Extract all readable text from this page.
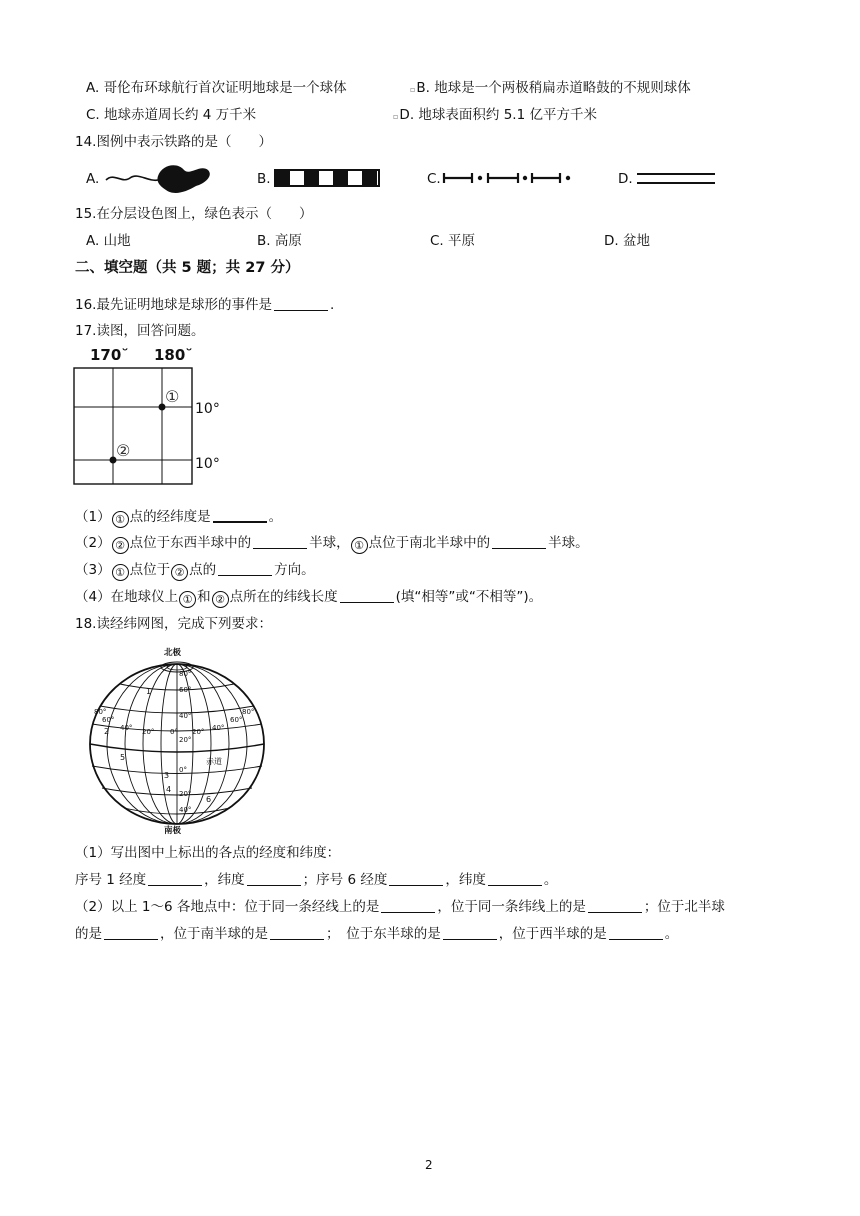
A. 哥伦布环球航行首次证明地球是一个球体	▫B. 地球是一个两极稍扁赤道略鼓的不规则球体
C. 地球赤道周长约 4 万千米	▫D. 地球表面积约 5.1 亿平方千米
14.图例中表示铁路的是（　　）
A.	B.	C.	D.
15.在分层设色图上，绿色表示（　　）
A. 山地	B. 高原	C. 平原	D. 盆地
二、填空题（共 5 题；共 27 分）
16.最先证明地球是球形的事件是	.
17.读图，回答问题。
170˘ 180˘
①
②
10°
10°
（1） ① 点的经纬度是	。
（2） ② 点位于东西半球中的	半球， ① 点位于南北半球中的	半球。
（3） ① 点位于 ② 点的	方向。
（4）在地球仪上 ① 和 ② 点所在的纬线长度	(填“相等”或“不相等”)。
18.读经纬网图，完成下列要求：
北极
80°
60°
40°
20°
0°
20°
40°
80°
60°
40° 20° 0° 20° 40°
60°
80°
赤道
1
2
3
4
5
6
南极
（1）写出图中上标出的各点的经度和纬度：
序号 1 经度	，纬度	；序号 6 经度	，纬度	。
（2）以上 1～6 各地点中：位于同一条经线上的是	，位于同一条纬线上的是	；位于北半球
的是	，位于南半球的是	；　位于东半球的是	，位于西半球的是	。
2
